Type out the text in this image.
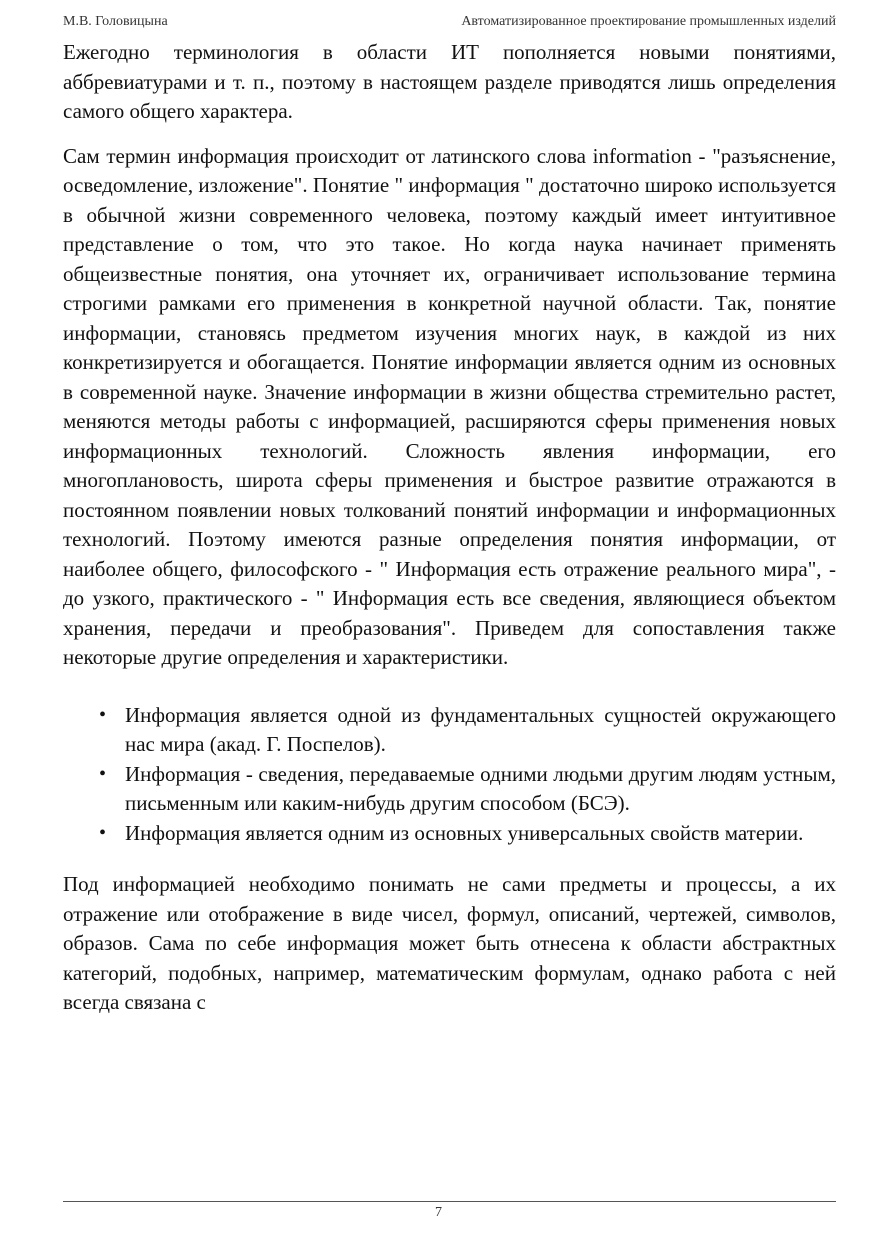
М.В. Головицына	Автоматизированное проектирование промышленных изделий

Ежегодно терминология в области ИТ пополняется новыми понятиями, аббревиатурами и т. п., поэтому в настоящем разделе приводятся лишь определения самого общего характера.

Сам термин информация происходит от латинского слова information - "разъяснение, осведомление, изложение". Понятие " информация " достаточно широко используется в обычной жизни современного человека, поэтому каждый имеет интуитивное представление о том, что это такое. Но когда наука начинает применять общеизвестные понятия, она уточняет их, ограничивает использование термина строгими рамками его применения в конкретной научной области. Так, понятие информации, становясь предметом изучения многих наук, в каждой из них конкретизируется и обогащается. Понятие информации является одним из основных в современной науке. Значение информации в жизни общества стремительно растет, меняются методы работы с информацией, расширяются сферы применения новых информационных технологий. Сложность явления информации, его многоплановость, широта сферы применения и быстрое развитие отражаются в постоянном появлении новых толкований понятий информации и информационных технологий. Поэтому имеются разные определения понятия информации, от наиболее общего, философского - " Информация есть отражение реального мира", - до узкого, практического - " Информация есть все сведения, являющиеся объектом хранения, передачи и преобразования". Приведем для сопоставления также некоторые другие определения и характеристики.

• Информация является одной из фундаментальных сущностей окружающего нас мира (акад. Г. Поспелов).
• Информация - сведения, передаваемые одними людьми другим людям устным, письменным или каким-нибудь другим способом (БСЭ).
• Информация является одним из основных универсальных свойств материи.

Под информацией необходимо понимать не сами предметы и процессы, а их отражение или отображение в виде чисел, формул, описаний, чертежей, символов, образов. Сама по себе информация может быть отнесена к области абстрактных категорий, подобных, например, математическим формулам, однако работа с ней всегда связана с

7
